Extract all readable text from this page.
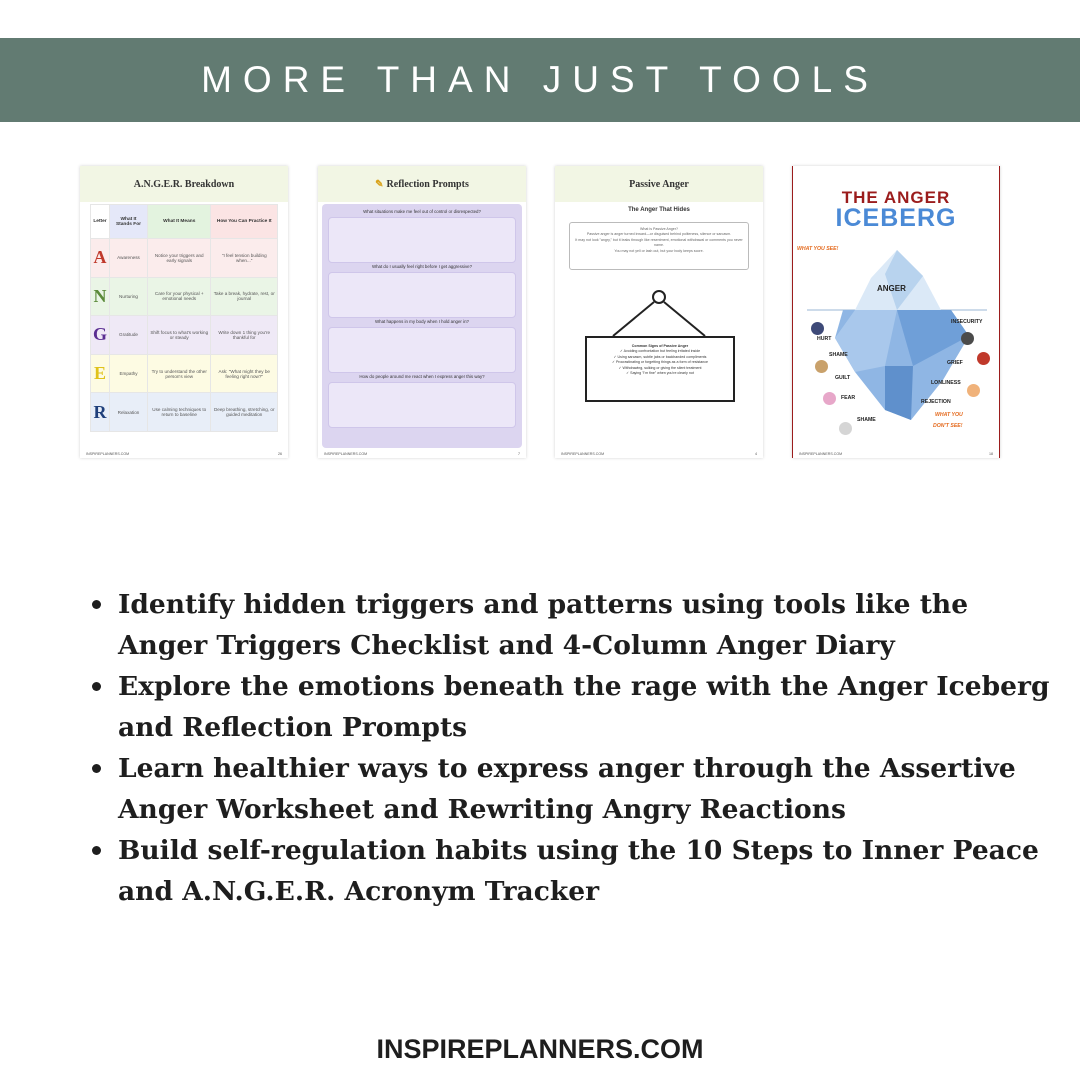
MORE THAN JUST TOOLS
A.N.G.E.R. Breakdown
Letter	What It Stands For	What It Means	How You Can Practice It
A	Awareness	Notice your triggers and early signals	"I feel tension building when..."
N	Nurturing	Care for your physical + emotional needs	Take a break, hydrate, rest, or journal
G	Gratitude	Shift focus to what's working or steady	Write down 1 thing you're thankful for
E	Empathy	Try to understand the other person's view	Ask: "What might they be feeling right now?"
R	Relaxation	Use calming techniques to return to baseline	Deep breathing, stretching, or guided meditation
INSPIREPLANNERS.COM	26
✎ Reflection Prompts
What situations make me feel out of control or disrespected?
What do I usually feel right before I get aggressive?
What happens in my body when I hold anger in?
How do people around me react when I express anger this way?
INSPIREPLANNERS.COM	7
Passive Anger
The Anger That Hides
What is Passive Anger?
Passive anger is anger turned inward—or disguised behind politeness, silence or sarcasm.
It may not look "angry," but it leaks through like resentment, emotional withdrawal or comments you never name.
You may not yell or lash out, but your body keeps score.
Common Signs of Passive Anger
✓ Avoiding confrontation but feeling irritated inside
✓ Using sarcasm, subtle jabs or backhanded compliments
✓ Procrastinating or forgetting things as a form of resistance
✓ Withdrawing, sulking or giving the silent treatment
✓ Saying "I'm fine" when you're clearly not
INSPIREPLANNERS.COM	4
THE ANGER
ICEBERG
WHAT YOU SEE!
ANGER
INSECURITY
HURT
SHAME
GRIEF
GUILT
LONLINESS
FEAR
REJECTION
SHAME
WHAT YOU
DON'T SEE!
INSPIREPLANNERS.COM	18
Identify hidden triggers and patterns using tools like the Anger Triggers Checklist and 4-Column Anger Diary
Explore the emotions beneath the rage with the Anger Iceberg and Reflection Prompts
Learn healthier ways to express anger through the Assertive Anger Worksheet and Rewriting Angry Reactions
Build self-regulation habits using the 10 Steps to Inner Peace and A.N.G.E.R. Acronym Tracker
INSPIREPLANNERS.COM
